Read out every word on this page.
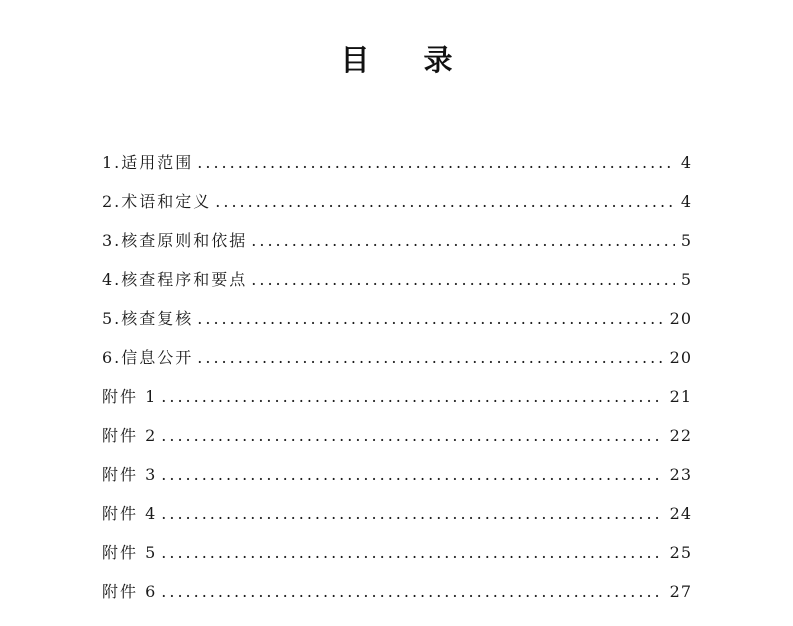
目 录
1.适用范围 .....	4
2.术语和定义 .....	4
3.核查原则和依据 .....	5
4.核查程序和要点 .....	5
5.核查复核 .....	20
6.信息公开 .....	20
附件 1 .....	21
附件 2 .....	22
附件 3 .....	23
附件 4 .....	24
附件 5 .....	25
附件 6 .....	27
